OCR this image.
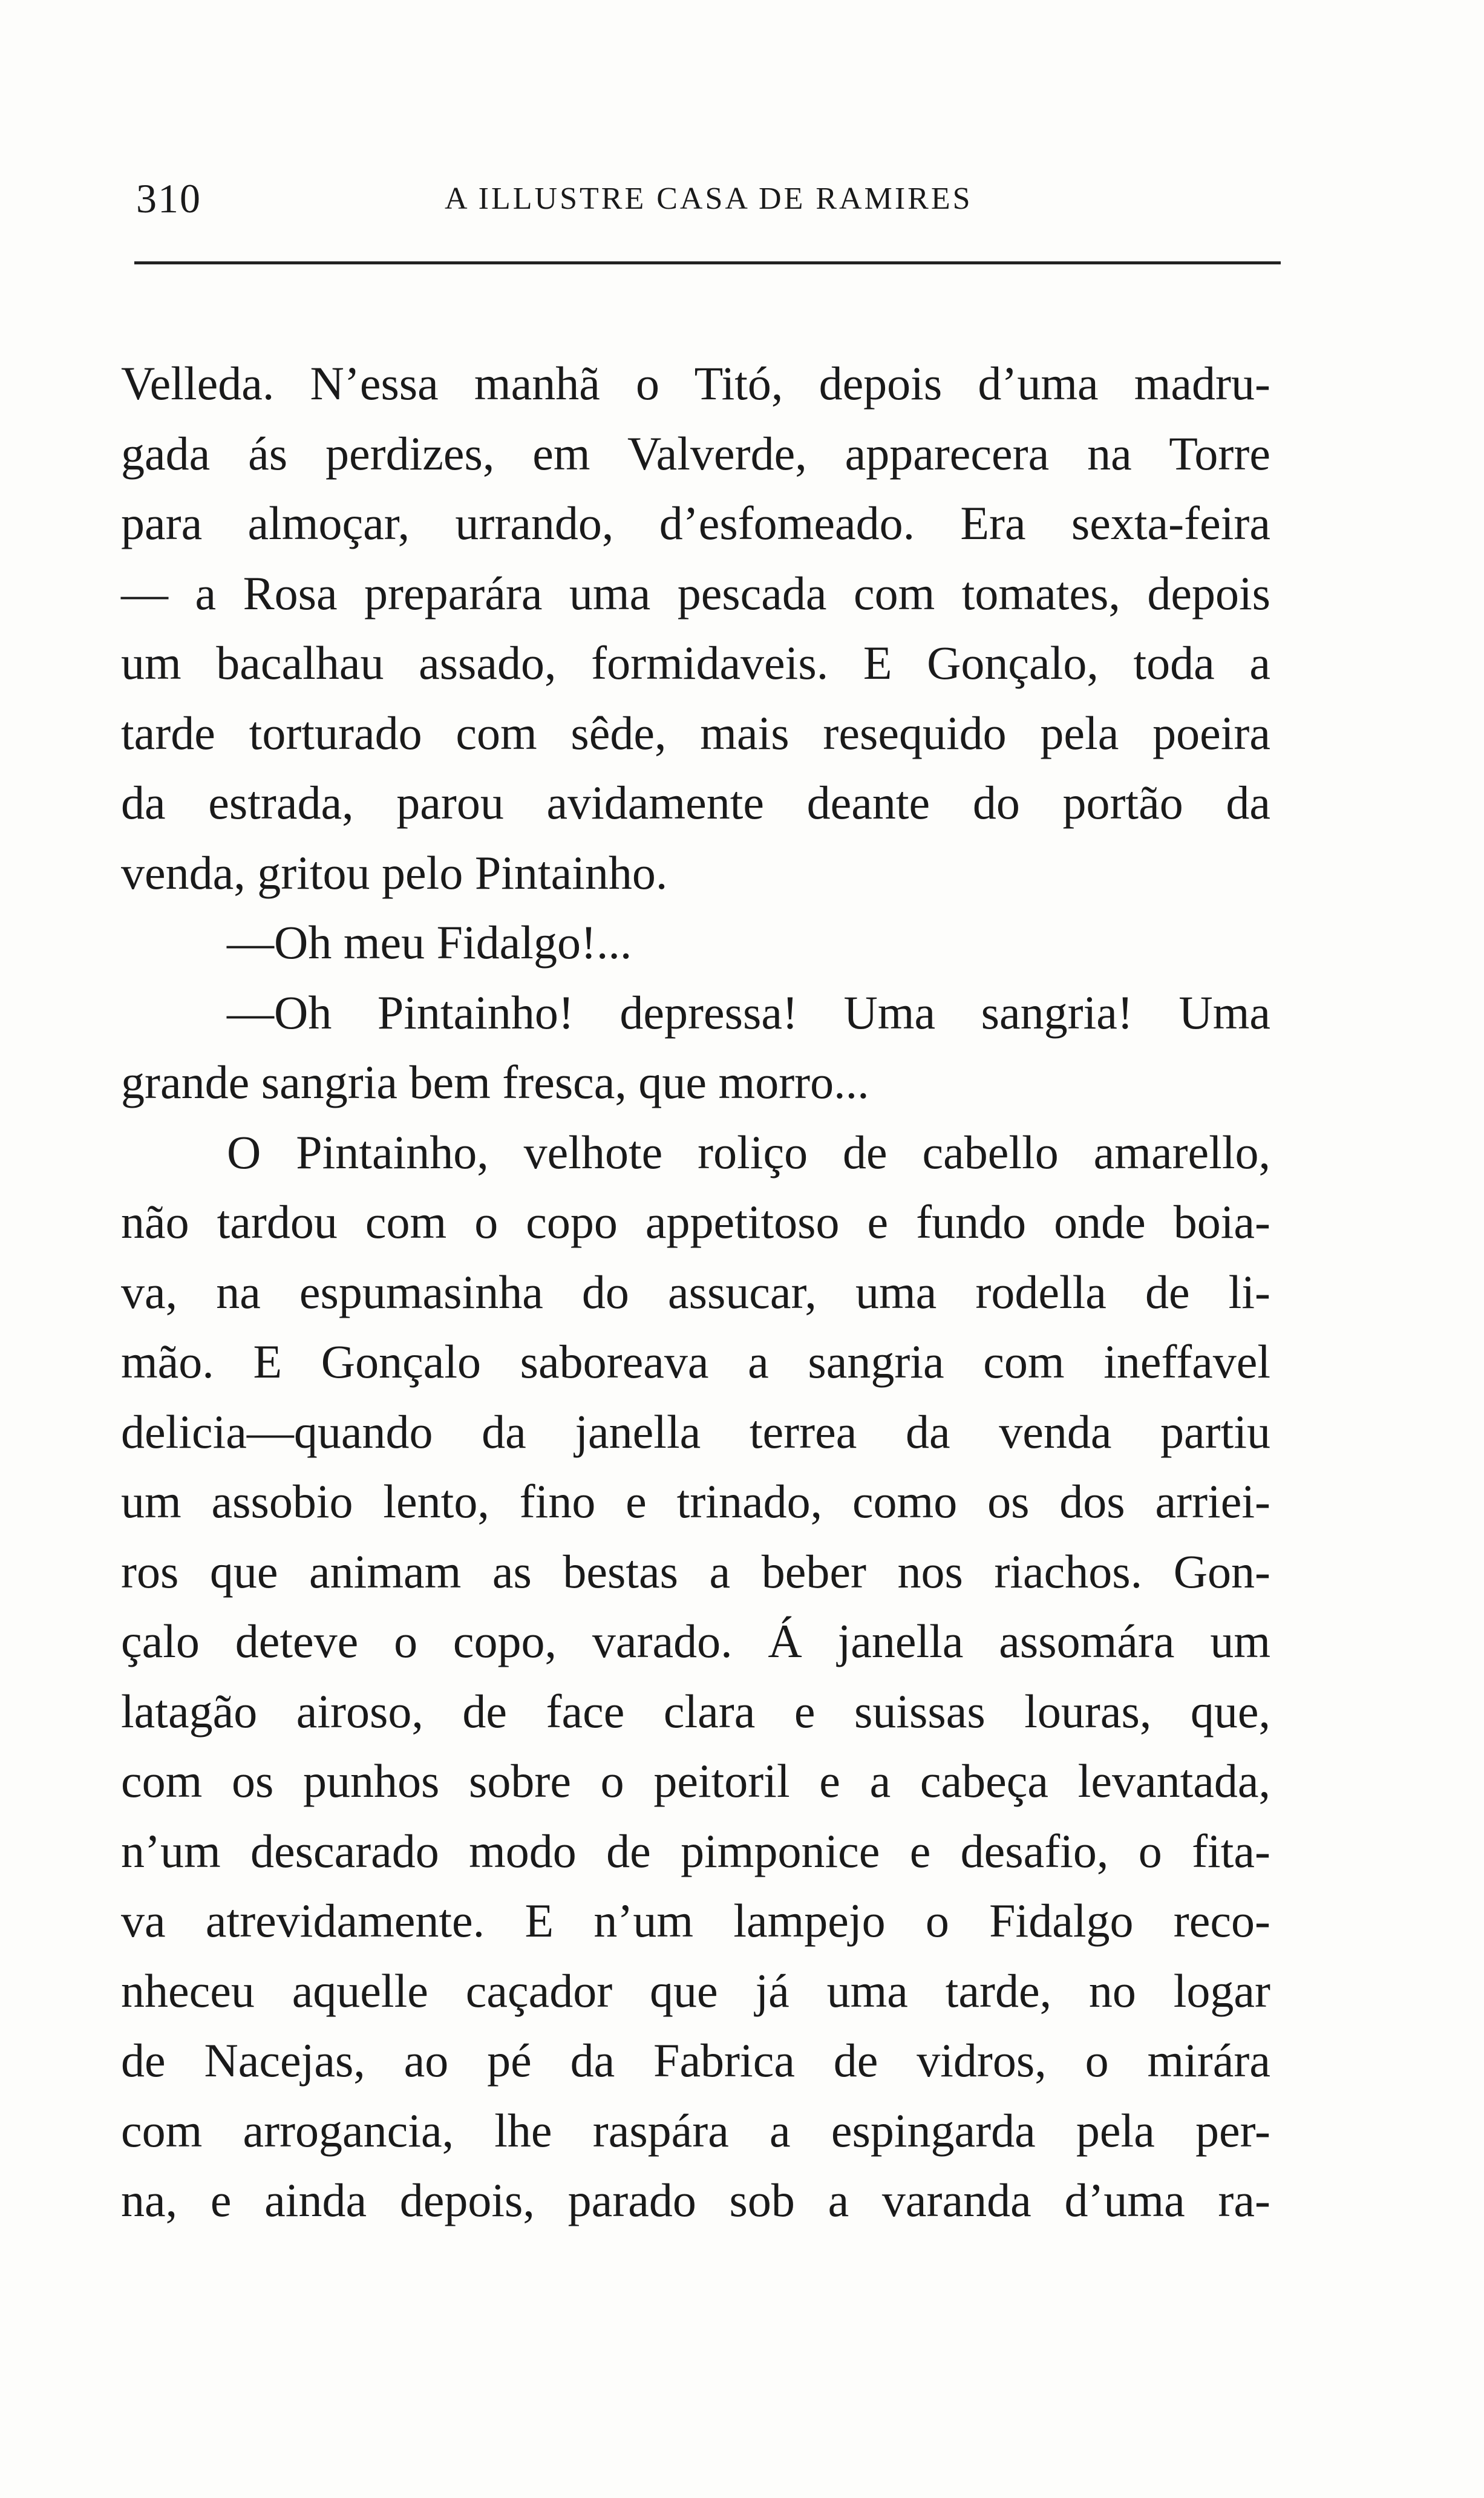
310	A ILLUSTRE CASA DE RAMIRES
Velleda. N’essa manhã o Titó, depois d’uma madru-
gada ás perdizes, em Valverde, apparecera na Torre
para almoçar, urrando, d’esfomeado. Era sexta-feira
— a Rosa preparára uma pescada com tomates, depois
um bacalhau assado, formidaveis. E Gonçalo, toda a
tarde torturado com sêde, mais resequido pela poeira
da estrada, parou avidamente deante do portão da
venda, gritou pelo Pintainho.
—Oh meu Fidalgo!...
—Oh Pintainho! depressa! Uma sangria! Uma
grande sangria bem fresca, que morro...
O Pintainho, velhote roliço de cabello amarello,
não tardou com o copo appetitoso e fundo onde boia-
va, na espumasinha do assucar, uma rodella de li-
mão. E Gonçalo saboreava a sangria com ineffavel
delicia—quando da janella terrea da venda partiu
um assobio lento, fino e trinado, como os dos arriei-
ros que animam as bestas a beber nos riachos. Gon-
çalo deteve o copo, varado. Á janella assomára um
latagão airoso, de face clara e suissas louras, que,
com os punhos sobre o peitoril e a cabeça levantada,
n’um descarado modo de pimponice e desafio, o fita-
va atrevidamente. E n’um lampejo o Fidalgo reco-
nheceu aquelle caçador que já uma tarde, no logar
de Nacejas, ao pé da Fabrica de vidros, o mirára
com arrogancia, lhe raspára a espingarda pela per-
na, e ainda depois, parado sob a varanda d’uma ra-
